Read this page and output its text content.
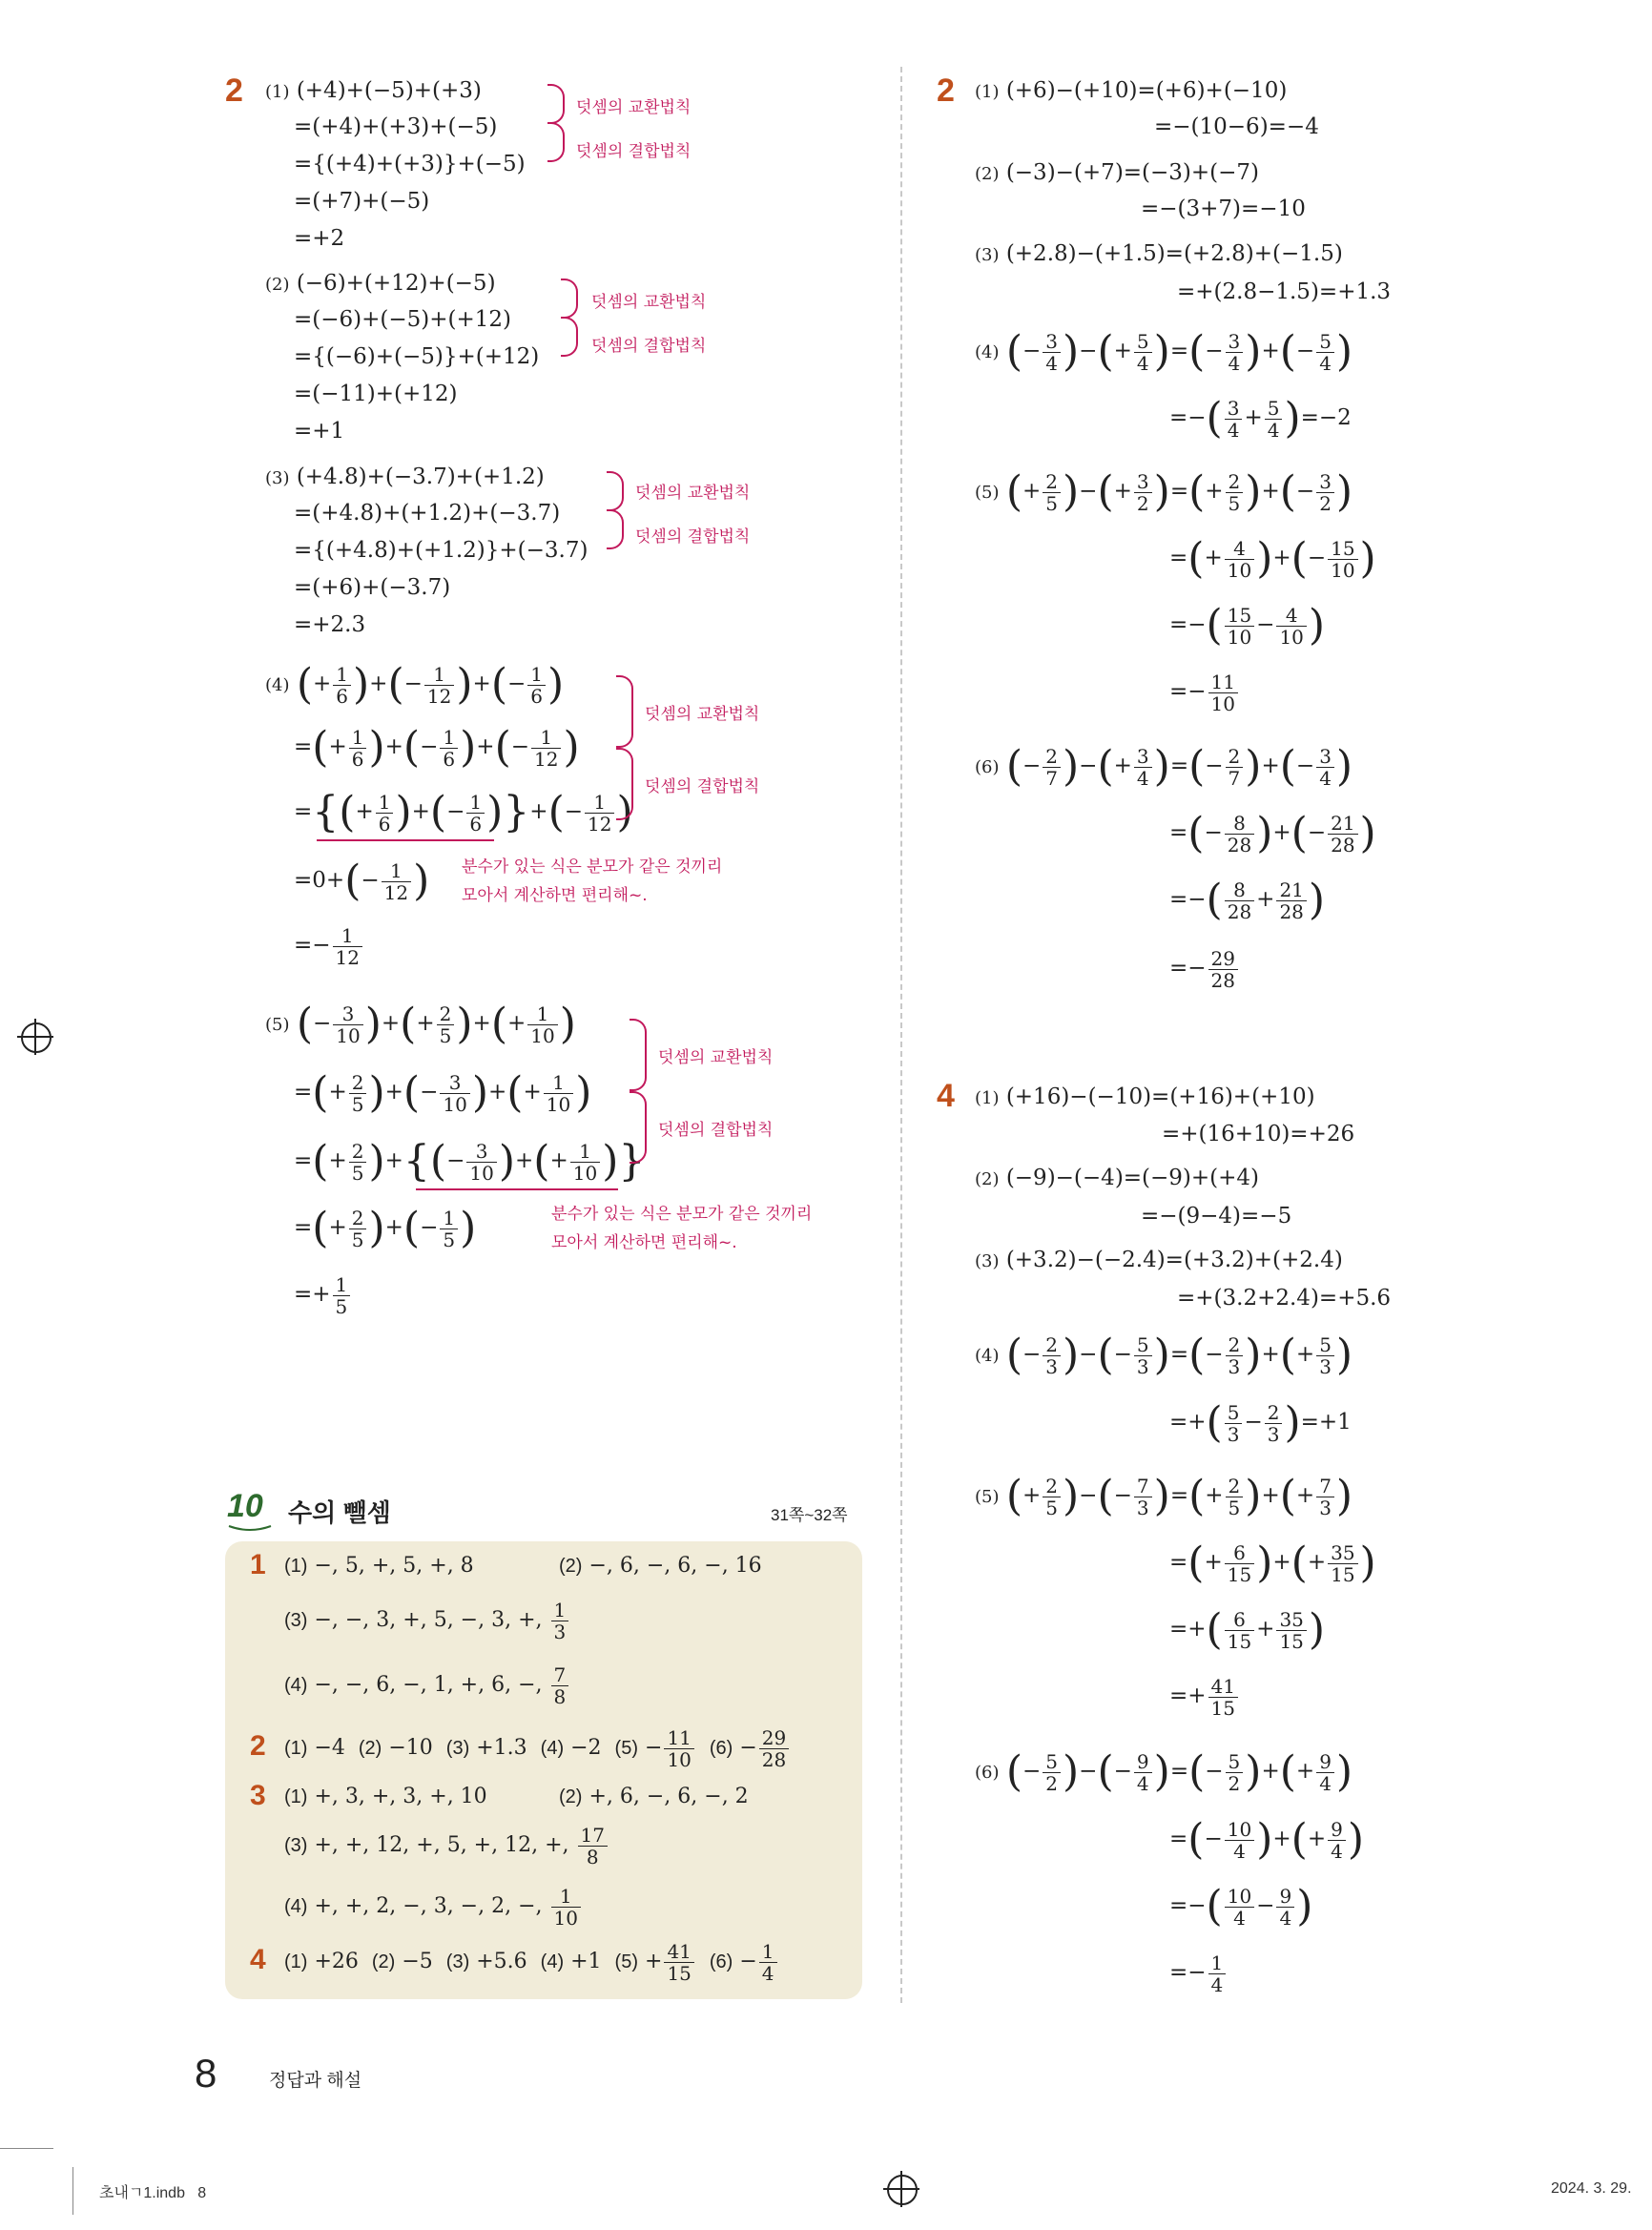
2 (1) (+4)+(−5)+(+3)
=(+4)+(+3)+(−5)
={(+4)+(+3)}+(−5)
=(+7)+(−5)
=+2
덧셈의 교환법칙
덧셈의 결합법칙
(2) (−6)+(+12)+(−5)
=(−6)+(−5)+(+12)
={(−6)+(−5)}+(+12)
=(−11)+(+12)
=+1
덧셈의 교환법칙
덧셈의 결합법칙
(3) (+4.8)+(−3.7)+(+1.2)
=(+4.8)+(+1.2)+(−3.7)
={(+4.8)+(+1.2)}+(−3.7)
=(+6)+(−3.7)
=+2.3
덧셈의 교환법칙
덧셈의 결합법칙
(4) (+ $\frac{1}{6}$ )+(− $\frac{1}{12}$ )+(− $\frac{1}{6}$ )
=(+ $\frac{1}{6}$ )+(− $\frac{1}{6}$ )+(− $\frac{1}{12}$ )
={(+ $\frac{1}{6}$ )+(− $\frac{1}{6}$ )}+(− $\frac{1}{12}$ )
$=0+(- \frac{1}{12}$ )
=− $\frac{1}{12}$
덧셈의 교환법칙
덧셈의 결합법칙
분수가 있는 식은 분모가 같은 것끼리
모아서 계산하면 편리해~.
(5) (− $\frac{3}{10}$ )+(+ $\frac{2}{5}$ )+(+ $\frac{1}{10}$ )
=(+ $\frac{2}{5}$ )+(− $\frac{3}{10}$ )+(+ $\frac{1}{10}$ )
=(+ $\frac{2}{5}$ )+{(− $\frac{3}{10}$ )+(+ $\frac{1}{10}$ )}
=(+ $\frac{2}{5}$ )+(− $\frac{1}{5}$ )
=+ $\frac{1}{5}$
덧셈의 교환법칙
덧셈의 결합법칙
분수가 있는 식은 분모가 같은 것끼리
모아서 계산하면 편리해~.
2 (1) (+6)−(+10)=(+6)+(−10)
=−(10−6)=−4
(2) (−3)−(+7)=(−3)+(−7)
=−(3+7)=−10
(3) (+2.8)−(+1.5)=(+2.8)+(−1.5)
=+(2.8−1.5)=+1.3
(4) (− $\frac{3}{4}$ )−(+ $\frac{5}{4}$ )=(− $\frac{3}{4}$ )+(− $\frac{5}{4}$ )
=−( $\frac{3}{4} + \frac{5}{4} )=-2$
(5) (+ $\frac{2}{5}$ )−(+ $\frac{3}{2}$ )=(+ $\frac{2}{5}$ )+(− $\frac{3}{2}$ )
=(+ $\frac{4}{10}$ )+(− $\frac{15}{10}$ )
=−( $\frac{15}{10} - \frac{4}{10}$ )
=− $\frac{11}{10}$
(6) (− $\frac{2}{7}$ )−(+ $\frac{3}{4}$ )=(− $\frac{2}{7}$ )+(− $\frac{3}{4}$ )
=(− $\frac{8}{28}$ )+(− $\frac{21}{28}$ )
=−( $\frac{8}{28} + \frac{21}{28}$ )
=− $\frac{29}{28}$
4 (1) (+16)−(−10)=(+16)+(+10)
=+(16+10)=+26
(2) (−9)−(−4)=(−9)+(+4)
=−(9−4)=−5
(3) (+3.2)−(−2.4)=(+3.2)+(+2.4)
=+(3.2+2.4)=+5.6
(4) (− $\frac{2}{3}$ )−(− $\frac{5}{3}$ )=(− $\frac{2}{3}$ )+(+ $\frac{5}{3}$ )
=+( $\frac{5}{3} - \frac{2}{3} )=+1$
(5) (+ $\frac{2}{5}$ )−(− $\frac{7}{3}$ )=(+ $\frac{2}{5}$ )+(+ $\frac{7}{3}$ )
=(+ $\frac{6}{15}$ )+(+ $\frac{35}{15}$ )
=+( $\frac{6}{15} + \frac{35}{15}$ )
=+ $\frac{41}{15}$
(6) (− $\frac{5}{2}$ )−(− $\frac{9}{4}$ )=(− $\frac{5}{2}$ )+(+ $\frac{9}{4}$ )
=(− $\frac{10}{4}$ )+(+ $\frac{9}{4}$ )
=−( $\frac{10}{4} - \frac{9}{4}$ )
=− $\frac{1}{4}$
10 수의 뺄셈	31쪽~32쪽
1 (1) −, 5, +, 5, +, 8	(2) −, 6, −, 6, −, 16
(3) −, −, 3, +, 5, −, 3, +, $\frac{1}{3}$
(4) −, −, 6, −, 1, +, 6, −, $\frac{7}{8}$
2 (1) −4 (2) −10 (3) +1.3 (4) −2 $(5) - \frac{11}{10} (6) - \frac{29}{28}$
3 (1) +, 3, +, 3, +, 10	(2) +, 6, −, 6, −, 2
(3) +, +, 12, +, 5, +, 12, +, $\frac{17}{8}$
(4) +, +, 2, −, 3, −, 2, −, $\frac{1}{10}$
4 (1) +26 (2) −5 (3) +5.6 (4) +1 $(5) + \frac{41}{15} (6) - \frac{1}{4}$
8	정답과 해설
초내ㄱ1.indb   8	2024. 3. 29.
